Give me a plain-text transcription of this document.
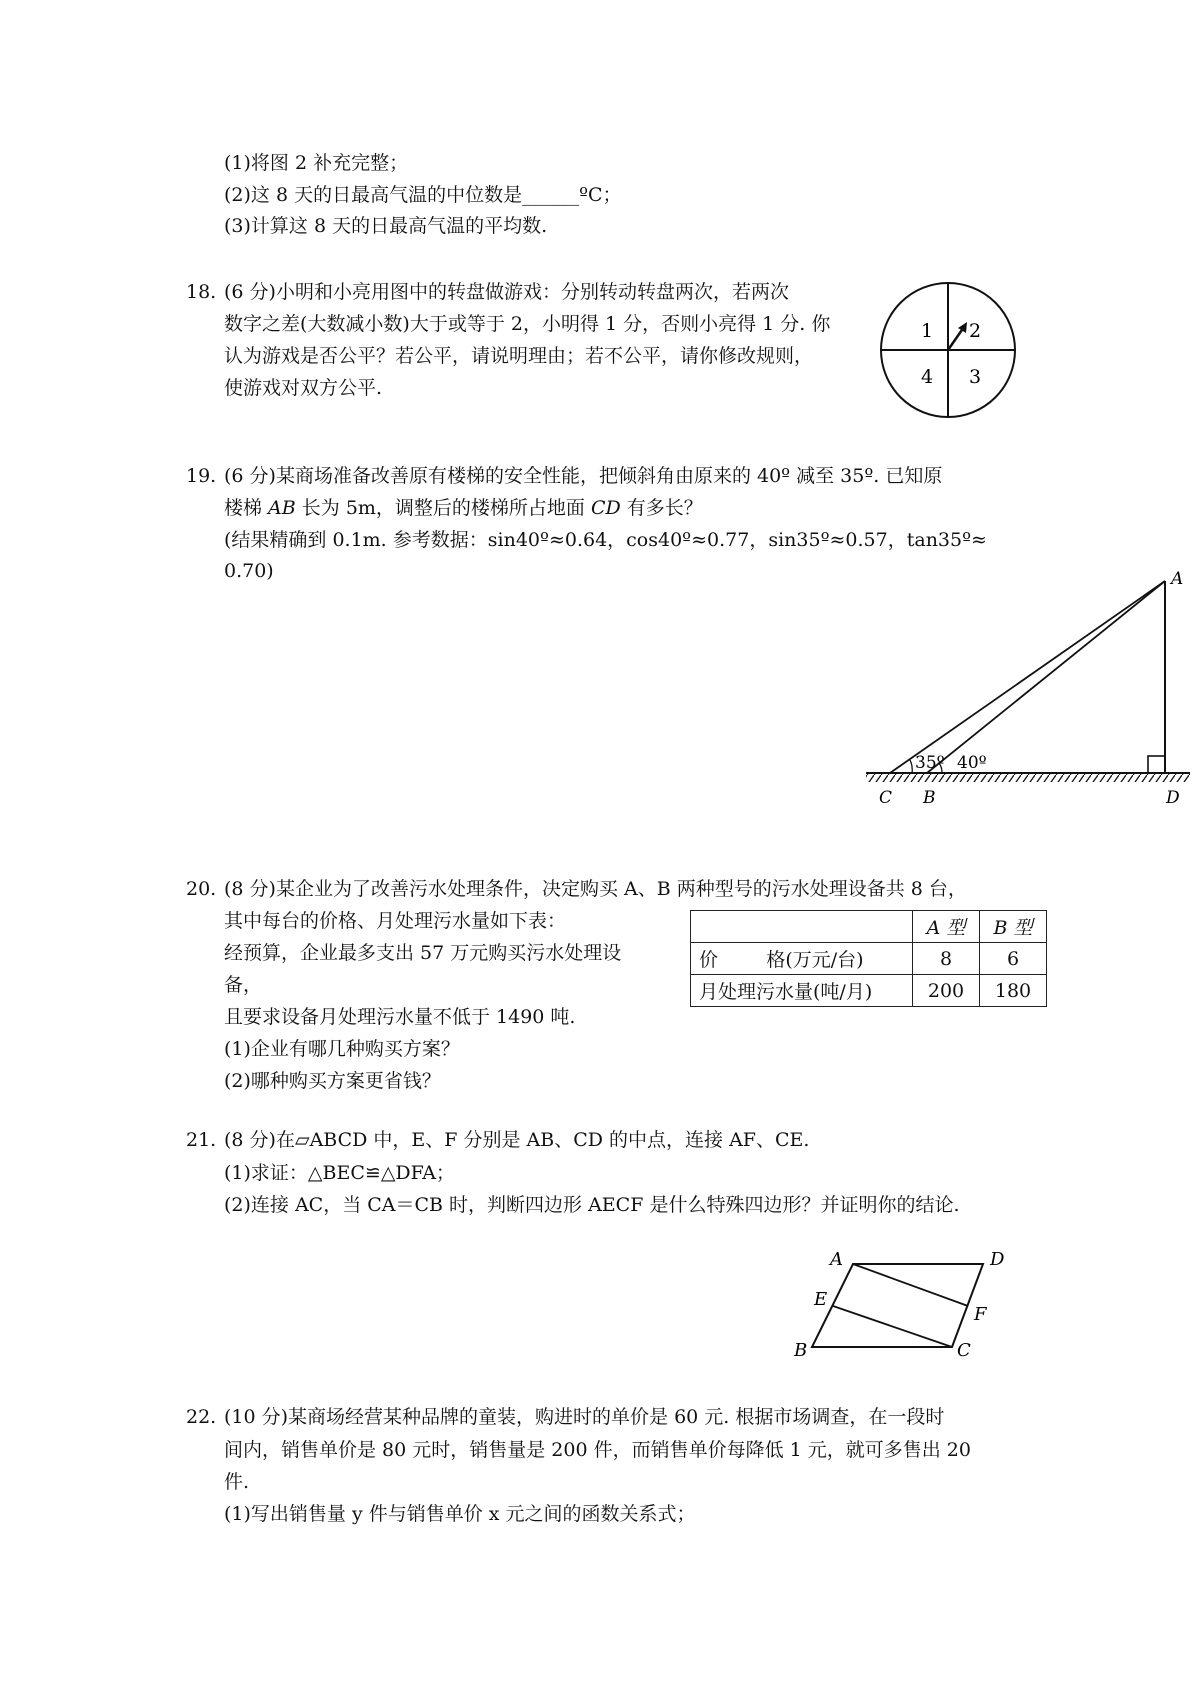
(1)将图 2 补充完整；
(2)这 8 天的日最高气温的中位数是______ºC；
(3)计算这 8 天的日最高气温的平均数.
18. (6 分)小明和小亮用图中的转盘做游戏：分别转动转盘两次，若两次
数字之差(大数减小数)大于或等于 2，小明得 1 分，否则小亮得 1 分. 你
认为游戏是否公平？若公平，请说明理由；若不公平，请你修改规则，
使游戏对双方公平.
1 2
3
4
19. (6 分)某商场准备改善原有楼梯的安全性能，把倾斜角由原来的 40º 减至 35º. 已知原
楼梯 AB 长为 5m，调整后的楼梯所占地面 CD 有多长？
(结果精确到 0.1m. 参考数据：sin40º≈0.64，cos40º≈0.77，sin35º≈0.57，tan35º≈
0.70)
35º 40º
A
C B	D
20. (8 分)某企业为了改善污水处理条件，决定购买 A、B 两种型号的污水处理设备共 8 台，
其中每台的价格、月处理污水量如下表：
经预算，企业最多支出 57 万元购买污水处理设
备，
且要求设备月处理污水量不低于 1490 吨.
(1)企业有哪几种购买方案？
(2)哪种购买方案更省钱？
	A 型	B 型
价        格(万元/台)	8	6
月处理污水量(吨/月)	200	180
21. (8 分)在▱ABCD 中，E、F 分别是 AB、CD 的中点，连接 AF、CE.
(1)求证：△BEC≌△DFA；
(2)连接 AC，当 CA＝CB 时，判断四边形 AECF 是什么特殊四边形？并证明你的结论.
A	D
E
F
B	C
22. (10 分)某商场经营某种品牌的童装，购进时的单价是 60 元. 根据市场调查，在一段时
间内，销售单价是 80 元时，销售量是 200 件，而销售单价每降低 1 元，就可多售出 20
件.
(1)写出销售量 y 件与销售单价 x 元之间的函数关系式；
